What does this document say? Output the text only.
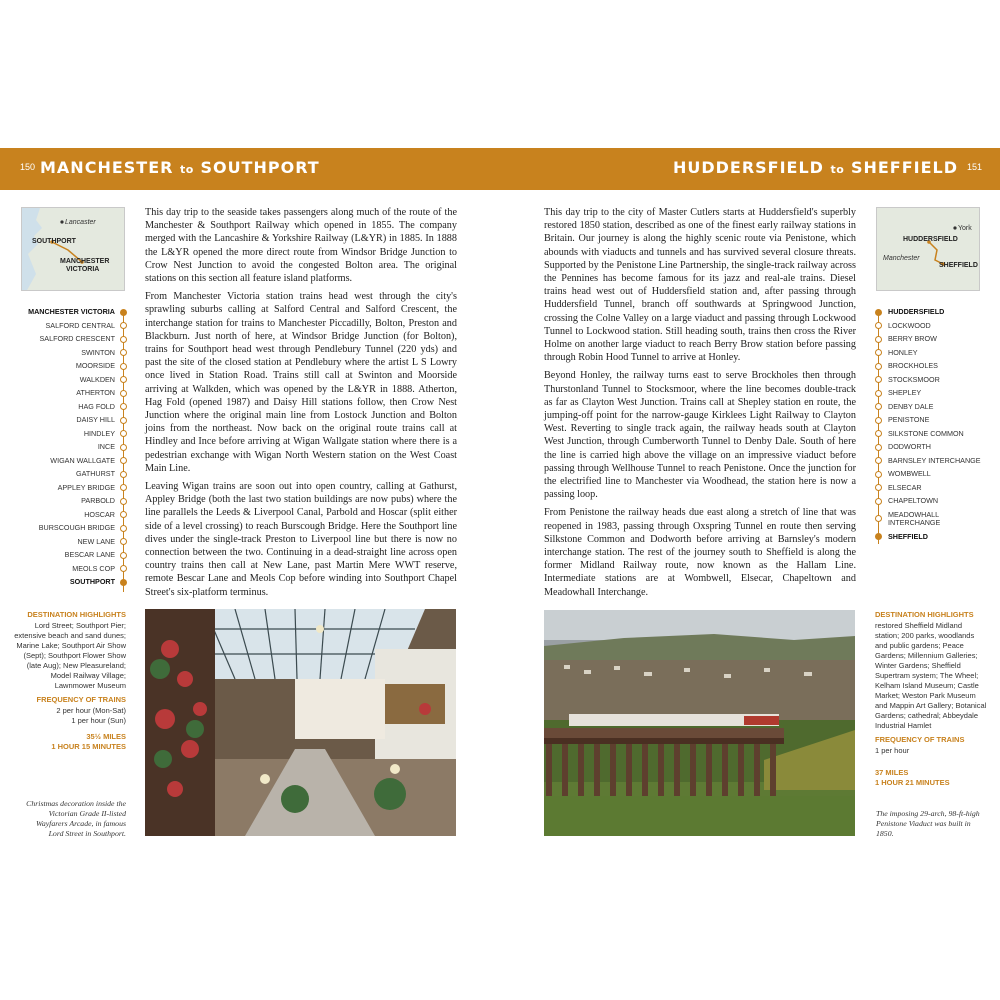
150 MANCHESTER to SOUTHPORT	HUDDERSFIELD to SHEFFIELD 151
Lancaster
SOUTHPORT
MANCHESTER
VICTORIA
MANCHESTER VICTORIA
SALFORD CENTRAL
SALFORD CRESCENT
SWINTON
MOORSIDE
WALKDEN
ATHERTON
HAG FOLD
DAISY HILL
HINDLEY
INCE
WIGAN WALLGATE
GATHURST
APPLEY BRIDGE
PARBOLD
HOSCAR
BURSCOUGH BRIDGE
NEW LANE
BESCAR LANE
MEOLS COP
SOUTHPORT
DESTINATION HIGHLIGHTS

Lord Street; Southport Pier; extensive beach and sand dunes; Marine Lake; Southport Air Show (Sept); Southport Flower Show (late Aug); New Pleasureland; Model Railway Village; Lawnmower Museum

FREQUENCY OF TRAINS
2 per hour (Mon-Sat)
1 per hour (Sun)
35½ MILES
1 HOUR 15 MINUTES
Christmas decoration inside the Victorian Grade II-listed Wayfarers Arcade, in famous Lord Street in Southport.

This day trip to the seaside takes passengers along much of the route of the Manchester & Southport Railway which opened in 1855. The company merged with the Lancashire & Yorkshire Railway (L&YR) in 1885. In 1888 the L&YR opened the more direct route from Windsor Bridge Junction to Crow Nest Junction to avoid the congested Bolton area. The original stations on this section all feature island platforms.

From Manchester Victoria station trains head west through the city's sprawling suburbs calling at Salford Central and Salford Crescent, the interchange station for trains to Manchester Piccadilly, Bolton, Preston and Blackburn. Just north of here, at Windsor Bridge Junction (for Bolton), trains for Southport head west through Pendlebury Tunnel (220 yds) and past the site of the closed station at Pendlebury where the artist L S Lowry once lived in Station Road. Trains still call at Swinton and Moorside arriving at Walkden, which was opened by the L&YR in 1888. Atherton, Hag Fold (opened 1987) and Daisy Hill stations follow, then Crow Nest Junction where the original main line from Lostock Junction and Bolton joins from the northeast. Now back on the original route trains call at Hindley and Ince before arriving at Wigan Wallgate station where there is a pedestrian exchange with Wigan North Western station on the West Coast Main Line.

Leaving Wigan trains are soon out into open country, calling at Gathurst, Appley Bridge (both the last two station buildings are now pubs) where the line parallels the Leeds & Liverpool Canal, Parbold and Hoscar (split either side of a level crossing) to reach Burscough Bridge. Here the Southport line dives under the single-track Preston to Liverpool line but there is now no connection between the two. Continuing in a dead-straight line across open country trains then call at New Lane, past Martin Mere WWT reserve, remote Bescar Lane and Meols Cop before winding into Southport Chapel Street's six-platform terminus.

This day trip to the city of Master Cutlers starts at Huddersfield's superbly restored 1850 station, described as one of the finest early railway stations in Britain. Our journey is along the highly scenic route via Penistone, which abounds with viaducts and tunnels and has survived several closure threats. Supported by the Penistone Line Partnership, the single-track railway across the Pennines has become famous for its jazz and real-ale trains. Diesel trains head west out of Huddersfield station and, after passing through Huddersfield Tunnel, branch off southwards at Springwood Junction, crossing the Colne Valley on a large viaduct and passing through Lockwood Tunnel to Lockwood station. Still heading south, trains then cross the River Holme on another large viaduct to reach Berry Brow station before passing through Robin Hood Tunnel to arrive at Honley.

Beyond Honley, the railway turns east to serve Brockholes then through Thurstonland Tunnel to Stocksmoor, where the line becomes double-track as far as Clayton West Junction. Trains call at Shepley station en route, the jumping-off point for the narrow-gauge Kirklees Light Railway to Clayton West. Reverting to single track again, the railway heads south at Clayton West Junction, through Cumberworth Tunnel to Denby Dale. South of here the line is carried high above the village on an impressive viaduct before passing through Wellhouse Tunnel to reach Penistone. Once the junction for the electrified line to Manchester via Woodhead, the station here is now a passing loop.

From Penistone the railway heads due east along a stretch of line that was reopened in 1983, passing through Oxspring Tunnel en route then serving Silkstone Common and Dodworth before arriving at Barnsley's modern interchange station. The rest of the journey south to Sheffield is along the former Midland Railway route, now known as the Hallam Line. Intermediate stations are at Wombwell, Elsecar, Chapeltown and Meadowhall Interchange.

York
HUDDERSFIELD
Manchester
SHEFFIELD
HUDDERSFIELD
LOCKWOOD
BERRY BROW
HONLEY
BROCKHOLES
STOCKSMOOR
SHEPLEY
DENBY DALE
PENISTONE
SILKSTONE COMMON
DODWORTH
BARNSLEY INTERCHANGE
WOMBWELL
ELSECAR
CHAPELTOWN
MEADOWHALL INTERCHANGE
SHEFFIELD
DESTINATION HIGHLIGHTS

restored Sheffield Midland station; 200 parks, woodlands and public gardens; Peace Gardens; Millennium Galleries; Winter Gardens; Sheffield Supertram system; The Wheel; Kelham Island Museum; Castle Market; Weston Park Museum and Mappin Art Gallery; Botanical Gardens; cathedral; Abbeydale Industrial Hamlet

FREQUENCY OF TRAINS
1 per hour
37 MILES
1 HOUR 21 MINUTES
The imposing 29-arch, 98-ft-high Penistone Viaduct was built in 1850.
